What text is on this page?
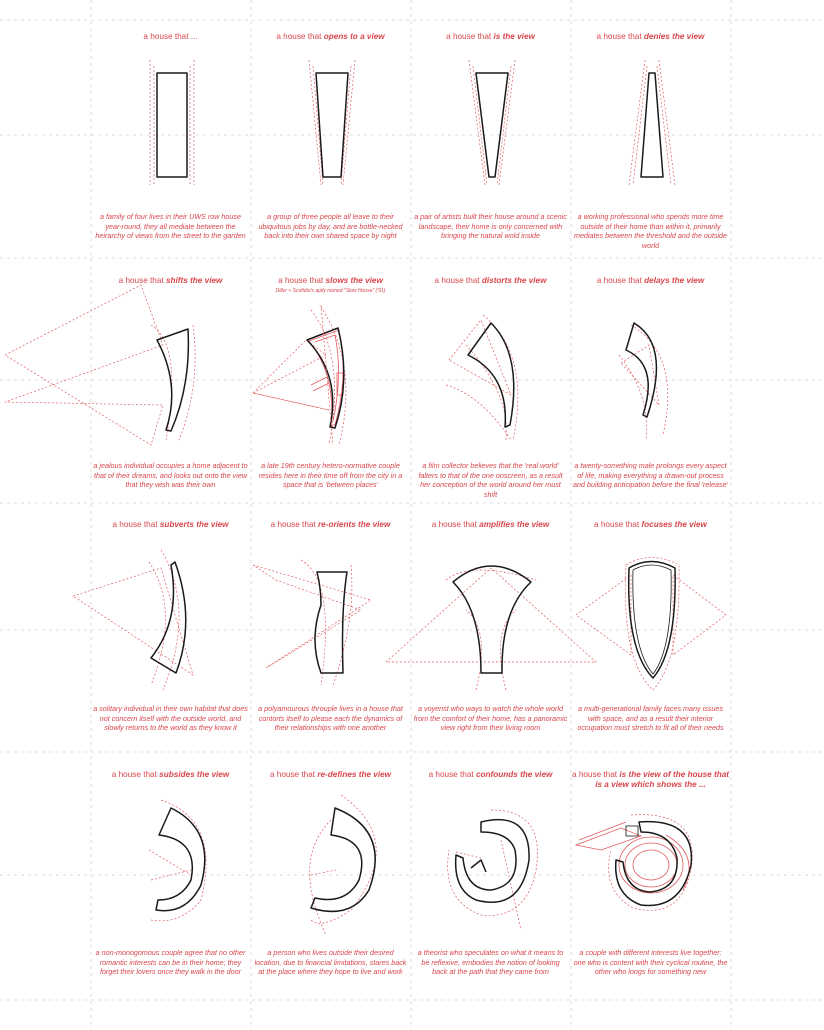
a house that ...
a family of four lives in their UWS row house year-round, they all mediate between the heirarchy of views from the street to the garden
a house that opens to a view
a group of three people all leave to their ubiquitous jobs by day, and are bottle-necked back into their own shared space by night
a house that is the view
a pair of artists built their house around a scenic landscape, their home is only concerned with bringing the natural wold inside
a house that denies the view
a working professional who spends more time outside of their home than within it, primarily mediates between the threshold and the outside world
a house that shifts the view
a jealous individual occupies a home adjacent to that of their dreams, and looks out onto the view that they wish was their own
a house that slows the view
Diller + Scofidio's aptly named "Slow House" ('91)
a late 19th century hetero-normative couple resides here in their time off from the city in a space that is 'between places'
a house that distorts the view
a film collector believes that the 'real world' falters to that of the one onscreen, as a result her conception of the world around her must shift
a house that delays the view
a twenty-something male prolongs every aspect of life, making everything a drawn-out process and building anticipation before the final 'release'
a house that subverts the view
a solitary individual in their own habitat that does not concern itself with the outside world, and slowly returns to the world as they know it
a house that re-orients the view
a polyamourous throuple lives in a house that contorts itself to please each the dynamics of their relationships with one another
a house that amplifies the view
a voyerist who ways to watch the whole world from the comfort of their home, has a panoramic view right from their living room
a house that focuses the view
a multi-generational family faces many issues with space, and as a result their interior occupation must stretch to fit all of their needs
a house that subsides the view
a non-monogomous couple agree that no other romantic interests can be in their home; they forget their lovers once they walk in the door
a house that re-defines the view
a person who lives outside their desired location, due to financial limitations, stares back at the place where they hope to live and work
a house that confounds the view
a theorist who speculates on what it means to be reflexive, embodies the notion of looking back at the path that they came from
a house that is the view of the house that is a view which shows the ...
a couple with different interests live together: one who is content with their cyclical routine, the other who longs for something new
